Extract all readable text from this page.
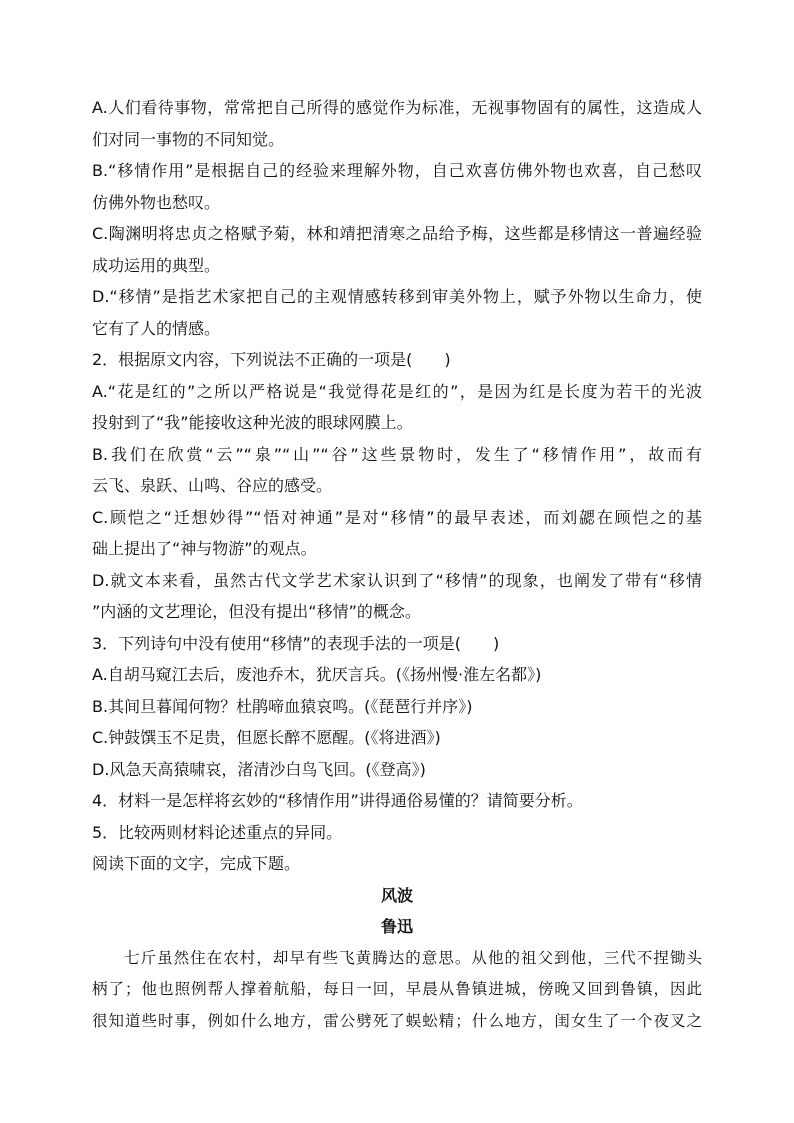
A.人们看待事物，常常把自己所得的感觉作为标准，无视事物固有的属性，这造成人
们对同一事物的不同知觉。
B.“移情作用”是根据自己的经验来理解外物，自己欢喜仿佛外物也欢喜，自己愁叹
仿佛外物也愁叹。
C.陶渊明将忠贞之格赋予菊，林和靖把清寒之品给予梅，这些都是移情这一普遍经验
成功运用的典型。
D.“移情”是指艺术家把自己的主观情感转移到审美外物上，赋予外物以生命力，使
它有了人的情感。
2．根据原文内容，下列说法不正确的一项是(　　)
A.“花是红的”之所以严格说是“我觉得花是红的”，是因为红是长度为若干的光波
投射到了“我”能接收这种光波的眼球网膜上。
B.我们在欣赏“云”“泉”“山”“谷”这些景物时，发生了“移情作用”，故而有
云飞、泉跃、山鸣、谷应的感受。
C.顾恺之“迁想妙得”“悟对神通”是对“移情”的最早表述，而刘勰在顾恺之的基
础上提出了“神与物游”的观点。
D.就文本来看，虽然古代文学艺术家认识到了“移情”的现象，也阐发了带有“移情
”内涵的文艺理论，但没有提出“移情”的概念。
3．下列诗句中没有使用“移情”的表现手法的一项是(　　)
A.自胡马窥江去后，废池乔木，犹厌言兵。(《扬州慢·淮左名都》)
B.其间旦暮闻何物？杜鹃啼血猿哀鸣。(《琵琶行并序》)
C.钟鼓馔玉不足贵，但愿长醉不愿醒。(《将进酒》)
D.风急天高猿啸哀，渚清沙白鸟飞回。(《登高》)
4．材料一是怎样将玄妙的“移情作用”讲得通俗易懂的？请简要分析。
5．比较两则材料论述重点的异同。
阅读下面的文字，完成下题。
风波
鲁迅
七斤虽然住在农村，却早有些飞黄腾达的意思。从他的祖父到他，三代不捏锄头
柄了；他也照例帮人撑着航船，每日一回，早晨从鲁镇进城，傍晚又回到鲁镇，因此
很知道些时事，例如什么地方，雷公劈死了蜈蚣精；什么地方，闺女生了一个夜叉之
